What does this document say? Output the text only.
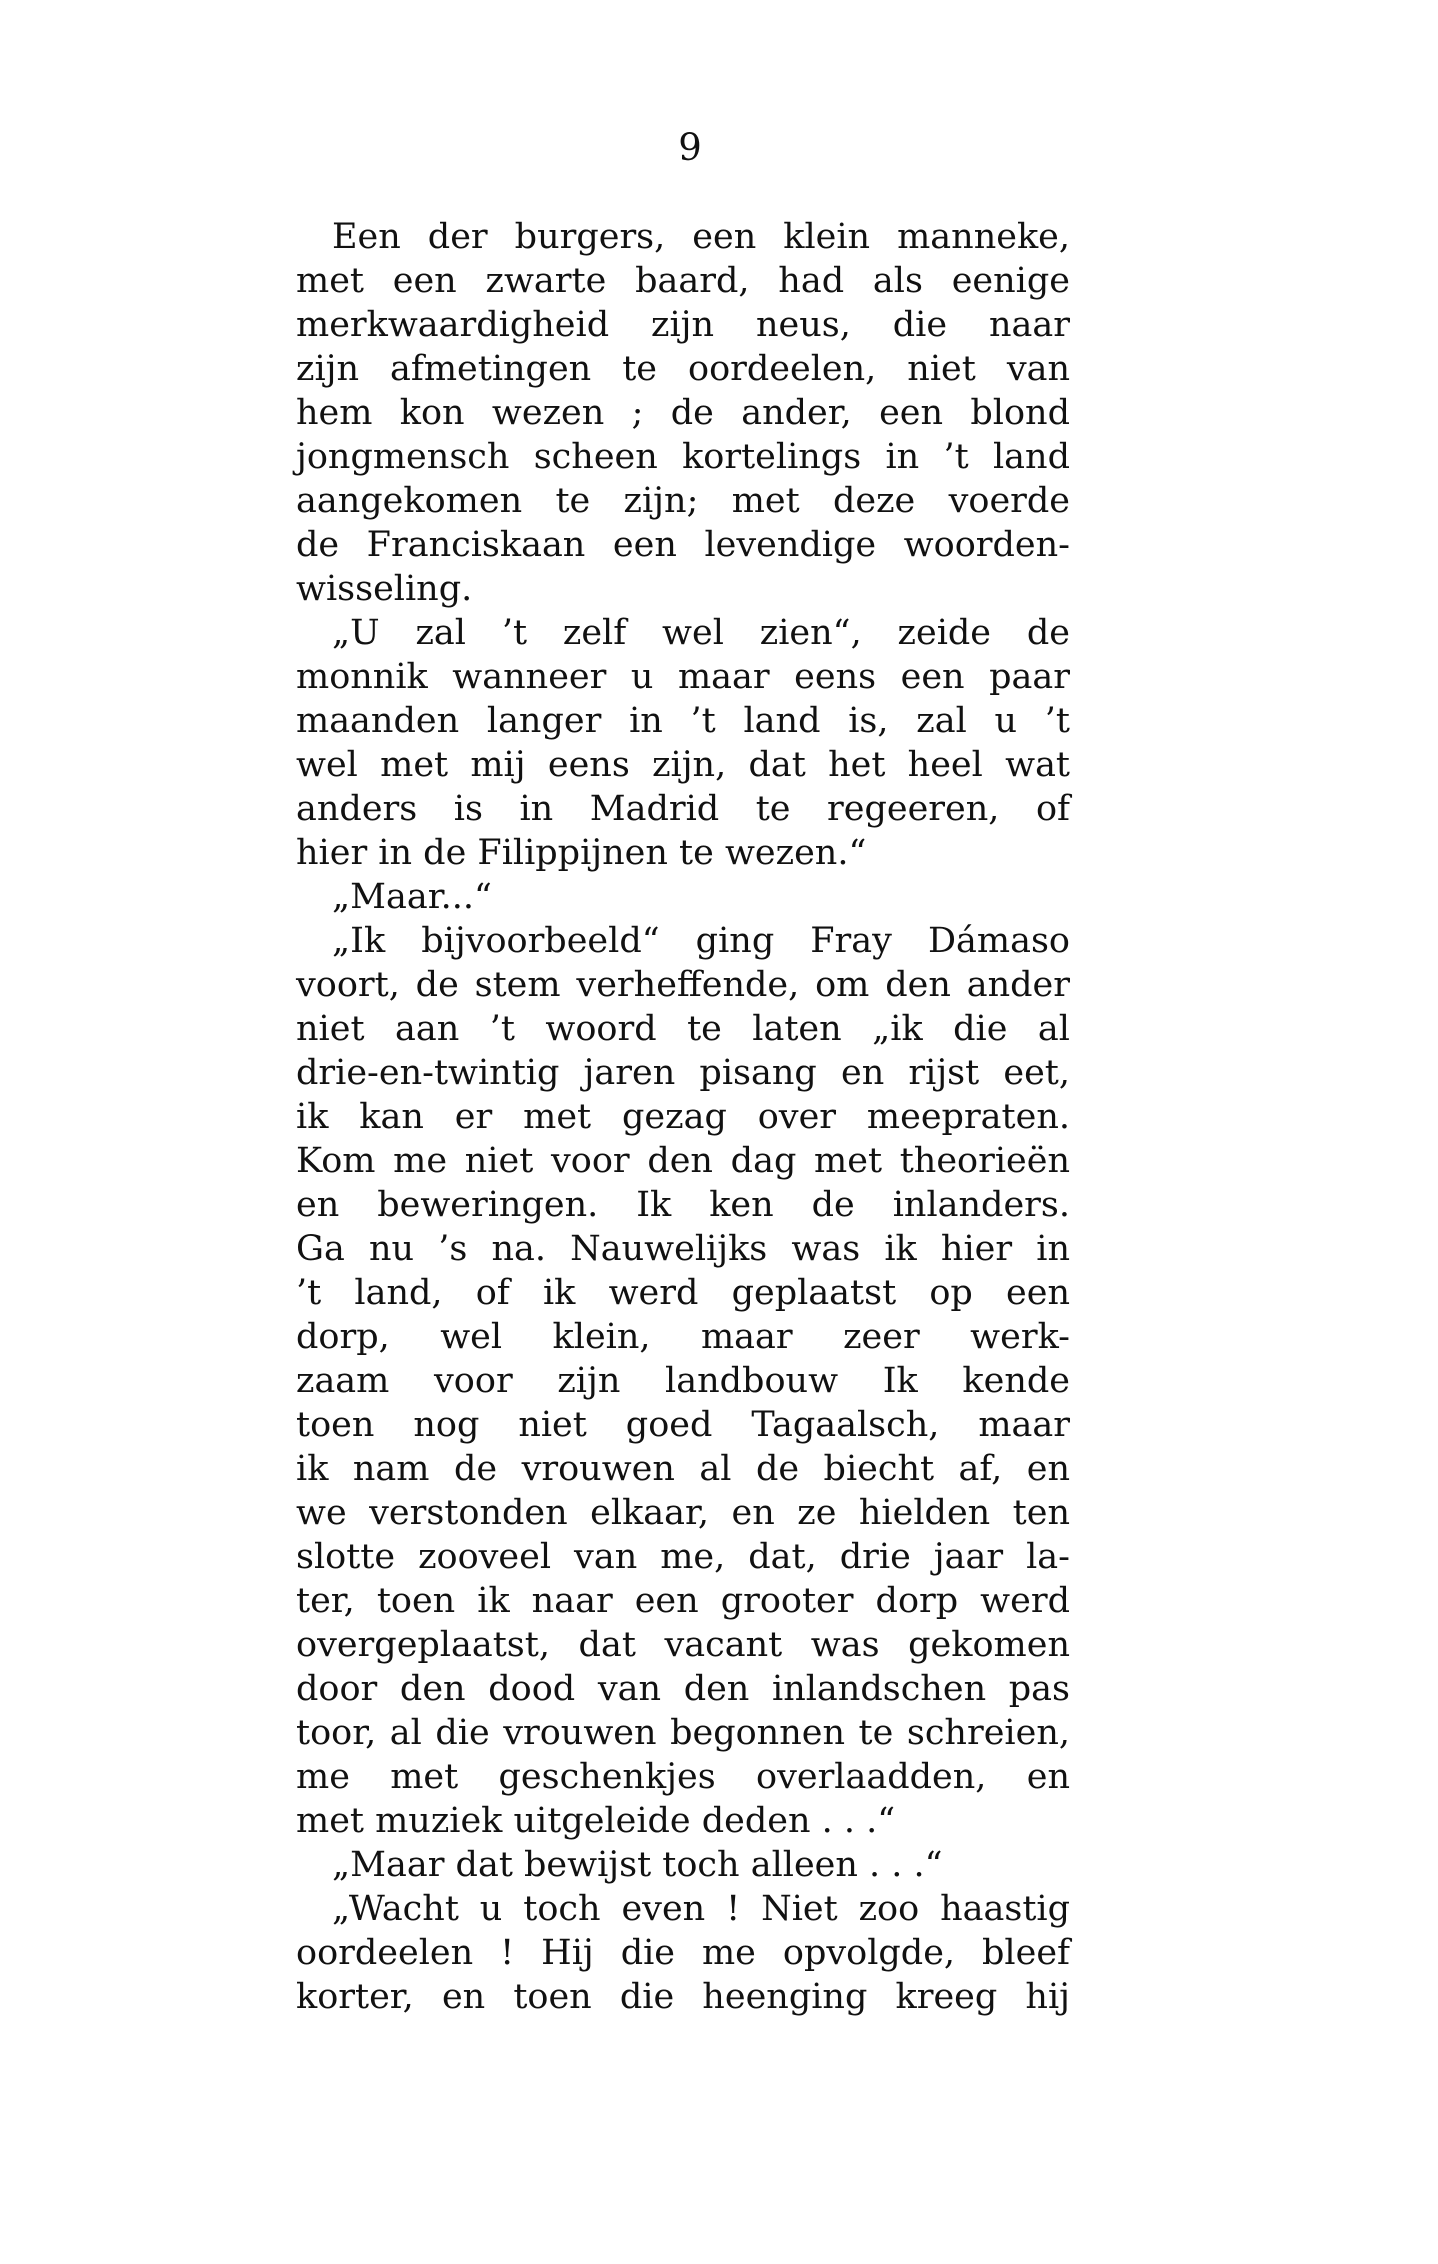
9
Een der burgers, een klein manneke,
met een zwarte baard, had als eenige
merkwaardigheid zijn neus, die naar
zijn afmetingen te oordeelen, niet van
hem kon wezen ; de ander, een blond
jongmensch scheen kortelings in ’t land
aangekomen te zijn; met deze voerde
de Franciskaan een levendige woorden-
wisseling.
„U zal ’t zelf wel zien“, zeide de
monnik wanneer u maar eens een paar
maanden langer in ’t land is, zal u ’t
wel met mij eens zijn, dat het heel wat
anders is in Madrid te regeeren, of
hier in de Filippijnen te wezen.“
„Maar...“
„Ik bijvoorbeeld“ ging Fray Dámaso
voort, de stem verheffende, om den ander
niet aan ’t woord te laten „ik die al
drie-en-twintig jaren pisang en rijst eet,
ik kan er met gezag over meepraten.
Kom me niet voor den dag met theorieën
en beweringen. Ik ken de inlanders.
Ga nu ’s na. Nauwelijks was ik hier in
’t land, of ik werd geplaatst op een
dorp, wel klein, maar zeer werk-
zaam voor zijn landbouw Ik kende
toen nog niet goed Tagaalsch, maar
ik nam de vrouwen al de biecht af, en
we verstonden elkaar, en ze hielden ten
slotte zooveel van me, dat, drie jaar la-
ter, toen ik naar een grooter dorp werd
overgeplaatst, dat vacant was gekomen
door den dood van den inlandschen pas
toor, al die vrouwen begonnen te schreien,
me met geschenkjes overlaadden, en
met muziek uitgeleide deden . . .“
„Maar dat bewijst toch alleen . . .“
„Wacht u toch even ! Niet zoo haastig
oordeelen ! Hij die me opvolgde, bleef
korter, en toen die heenging kreeg hij
